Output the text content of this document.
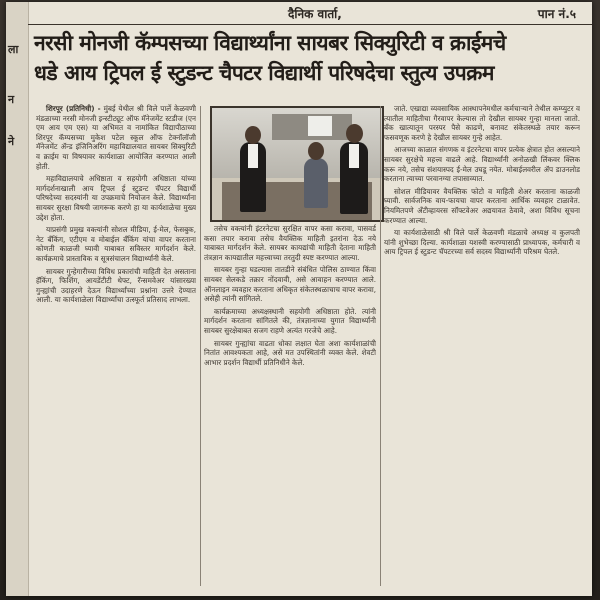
ला
न
ने
दैनिक वार्ता,	पान नं.५
नरसी मोनजी कॅम्पसच्या विद्यार्थ्यांना सायबर सिक्युरिटी व क्राईमचे
धडे आय ट्रिपल ई स्टुडन्ट चैपटर विद्यार्थी परिषदेचा स्तुत्य उपक्रम

शिरपूर (प्रतिनिधी) - मुंबई येथील श्री विले पार्ले केळवणी मंडळाच्या नरसी मोनजी इन्स्टीट्यूट ऑफ मॅनेजमेंट स्टडीज (एन एम आय एम एस) या अभिमत व नामांकित विद्यापीठाच्या शिरपूर कॅम्पसच्या मुकेश पटेल स्कूल ऑफ टेक्नॉलॉजी मॅनेजमेंट ॲन्ड इंजिनिअरिंग महाविद्यालयात सायबर सिक्युरिटी व क्राईम या विषयावर कार्यशाळा आयोजित करण्यात आली होती.

महाविद्यालयाचे अधिष्ठाता व सहयोगी अधिष्ठाता यांच्या मार्गदर्शनाखाली आय ट्रिपल ई स्टुडन्ट चॅपटर विद्यार्थी परिषदेच्या सदस्यांनी या उपक्रमाचे नियोजन केले. विद्यार्थ्यांना सायबर सुरक्षा विषयी जागरूक करणे हा या कार्यशाळेचा मुख्य उद्देश होता.

याप्रसंगी प्रमुख वक्त्यांनी सोशल मीडिया, ई-मेल, फेसबुक, नेट बँकिंग, एटीएम व मोबाईल बँकिंग यांचा वापर करताना कोणती काळजी घ्यावी याबाबत सविस्तर मार्गदर्शन केले. कार्यक्रमाचे प्रास्ताविक व सूत्रसंचालन विद्यार्थ्यांनी केले.

सायबर गुन्हेगारीच्या विविध प्रकारांची माहिती देत असताना हॅकिंग, फिशिंग, आयडेंटीटी थेफ्ट, रॅन्समवेअर यांसारख्या गुन्ह्यांची उदाहरणे देऊन विद्यार्थ्यांच्या प्रश्नांना उत्तरे देण्यात आली. या कार्यशाळेला विद्यार्थ्यांचा उत्स्फूर्त प्रतिसाद लाभला.

तसेच वक्त्यांनी इंटरनेटचा सुरक्षित वापर कसा करावा, पासवर्ड कसा तयार करावा तसेच वैयक्तिक माहिती इतरांना देऊ नये याबाबत मार्गदर्शन केले. सायबर कायद्यांची माहिती देताना माहिती तंत्रज्ञान कायद्यातील महत्त्वाच्या तरतुदी स्पष्ट करण्यात आल्या.

सायबर गुन्हा घडल्यास तातडीने संबंधित पोलिस ठाण्यात किंवा सायबर सेलकडे तक्रार नोंदवावी, असे आवाहन करण्यात आले. ऑनलाइन व्यवहार करताना अधिकृत संकेतस्थळाचाच वापर करावा, असेही त्यांनी सांगितले.

कार्यक्रमाच्या अध्यक्षस्थानी सहयोगी अधिष्ठाता होते. त्यांनी मार्गदर्शन करताना सांगितले की, तंत्रज्ञानाच्या युगात विद्यार्थ्यांनी सायबर सुरक्षेबाबत सजग राहणे अत्यंत गरजेचे आहे.

सायबर गुन्ह्यांचा वाढता धोका लक्षात घेता अशा कार्यशाळांची नितांत आवश्यकता आहे, असे मत उपस्थितांनी व्यक्त केले. शेवटी आभार प्रदर्शन विद्यार्थी प्रतिनिधीने केले.

जाते. एखाद्या व्यवसायिक आस्थापनेमधील कर्मचाऱ्याने तेथील कम्प्युटर व त्यातील माहितीचा गैरवापर केल्यास तो देखील सायबर गुन्हा मानला जातो. बँक खात्यातून परस्पर पैसे काढणे, बनावट संकेतस्थळे तयार करून फसवणूक करणे हे देखील सायबर गुन्हे आहेत.

आजच्या काळात संगणक व इंटरनेटचा वापर प्रत्येक क्षेत्रात होत असल्याने सायबर सुरक्षेचे महत्त्व वाढले आहे. विद्यार्थ्यांनी अनोळखी लिंकवर क्लिक करू नये, तसेच संशयास्पद ई-मेल उघडू नयेत. मोबाईलवरील ॲप डाउनलोड करताना त्याच्या परवानग्या तपासाव्यात.

सोशल मीडियावर वैयक्तिक फोटो व माहिती शेअर करताना काळजी घ्यावी. सार्वजनिक वाय-फायचा वापर करताना आर्थिक व्यवहार टाळावेत. नियमितपणे अँटीव्हायरस सॉफ्टवेअर अद्ययावत ठेवावे, अशा विविध सूचना करण्यात आल्या.

या कार्यशाळेसाठी श्री विले पार्ले केळवणी मंडळाचे अध्यक्ष व कुलपती यांनी शुभेच्छा दिल्या. कार्यशाळा यशस्वी करण्यासाठी प्राध्यापक, कर्मचारी व आय ट्रिपल ई स्टुडन्ट चॅपटरच्या सर्व सदस्य विद्यार्थ्यांनी परिश्रम घेतले.
